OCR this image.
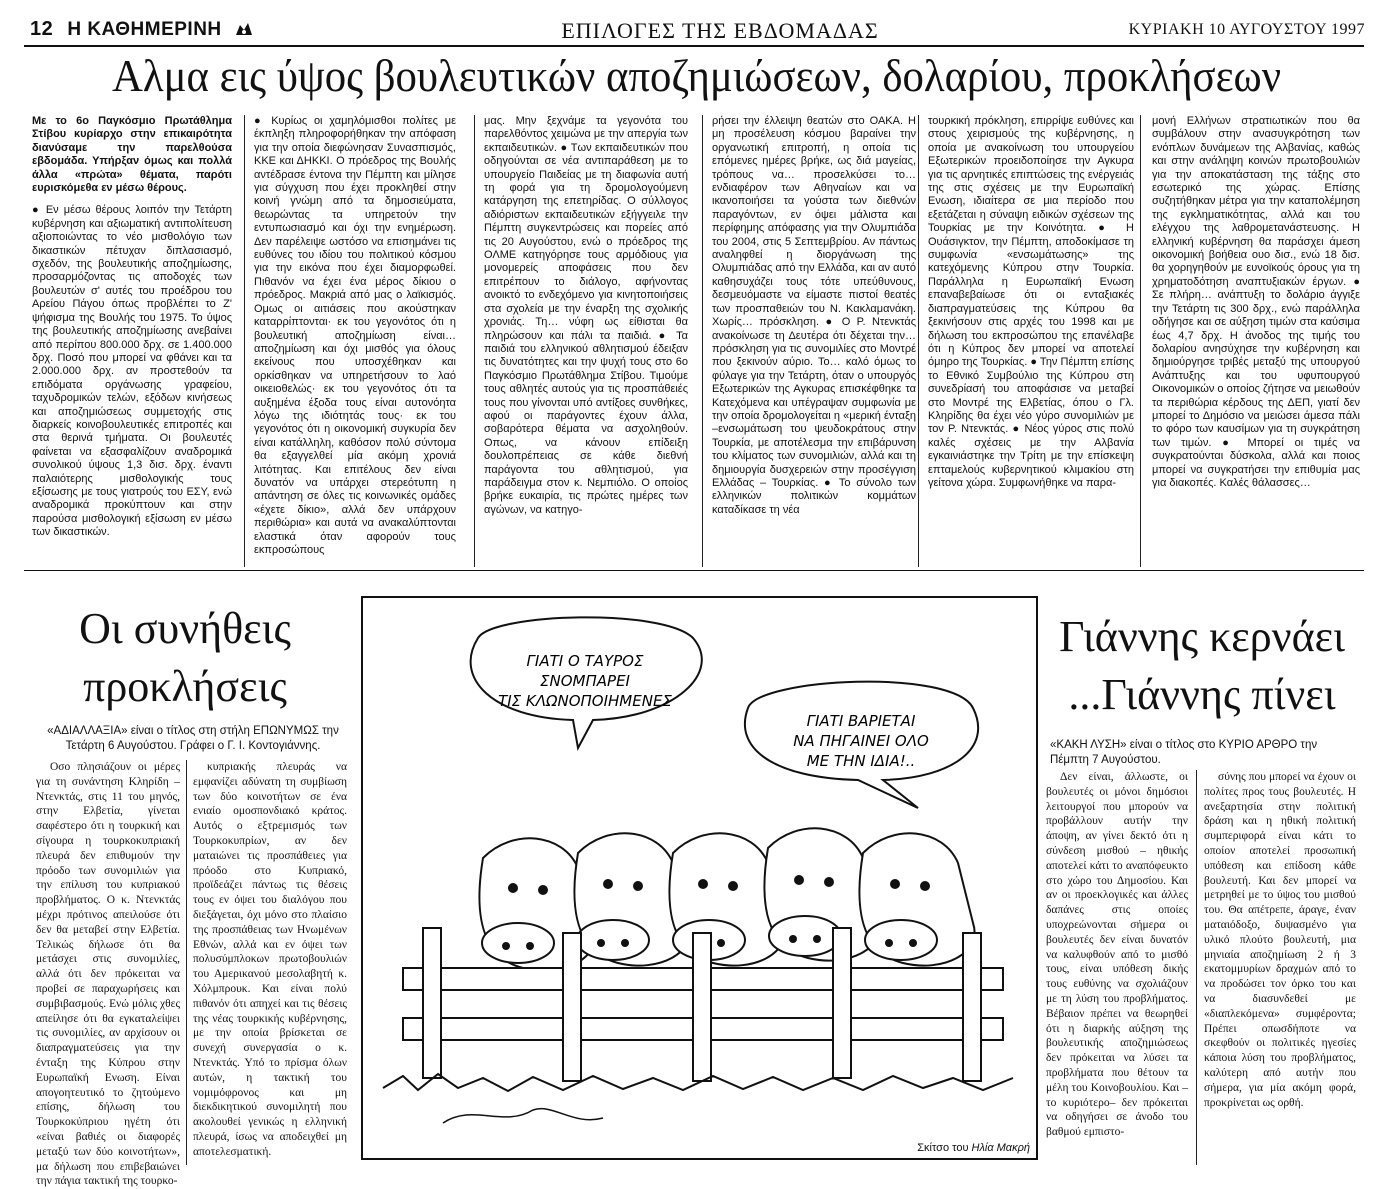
12 Η ΚΑΘΗΜΕΡΙΝΗ	ΕΠΙΛΟΓΕΣ ΤΗΣ ΕΒΔΟΜΑΔΑΣ	ΚΥΡΙΑΚΗ 10 ΑΥΓΟΥΣΤΟΥ 1997
Αλμα εις ύψος βουλευτικών αποζημιώσεων, δολαρίου, προκλήσεων

Με το 6ο Παγκόσμιο Πρωτάθλημα Στίβου κυρίαρχο στην επικαιρότητα διανύσαμε την παρελθούσα εβδομάδα. Υπήρξαν όμως και πολλά άλλα «πρώτα» θέματα, παρότι ευρισκόμεθα εν μέσω θέρους.

● Εν μέσω θέρους λοιπόν την Τετάρτη κυβέρνηση και αξιωματική αντιπολίτευση αξιοποιώντας το νέο μισθολόγιο των δικαστικών πέτυχαν διπλασιασμό, σχεδόν, της βουλευτικής αποζημίωσης, προσαρμόζοντας τις αποδοχές των βουλευτών σ' αυτές του προέδρου του Αρείου Πάγου όπως προβλέπει το Ζ' ψήφισμα της Βουλής του 1975. Το ύψος της βουλευτικής αποζημίωσης ανεβαίνει από περίπου 800.000 δρχ. σε 1.400.000 δρχ. Ποσό που μπορεί να φθάνει και τα 2.000.000 δρχ. αν προστεθούν τα επιδόματα οργάνωσης γραφείου, ταχυδρομικών τελών, εξόδων κινήσεως και αποζημιώσεως συμμετοχής στις διαρκείς κοινοβουλευτικές επιτροπές και στα θερινά τμήματα. Οι βουλευτές φαίνεται να εξασφαλίζουν αναδρομικά συνολικού ύψους 1,3 δισ. δρχ. έναντι παλαιότερης μισθολογικής τους εξίσωσης με τους γιατρούς του ΕΣΥ, ενώ αναδρομικά προκύπτουν και στην παρούσα μισθολογική εξίσωση εν μέσω των δικαστικών.

● Κυρίως οι χαμηλόμισθοι πολίτες με έκπληξη πληροφορήθηκαν την απόφαση για την οποία διεφώνησαν Συνασπισμός, ΚΚΕ και ΔΗΚΚΙ. Ο πρόεδρος της Βουλής αντέδρασε έντονα την Πέμπτη και μίλησε για σύγχυση που έχει προκληθεί στην κοινή γνώμη από τα δημοσιεύματα, θεωρώντας τα υπηρετούν την εντυπωσιασμό και όχι την ενημέρωση. Δεν παρέλειψε ωστόσο να επισημάνει τις ευθύνες του ιδίου του πολιτικού κόσμου για την εικόνα που έχει διαμορφωθεί. Πιθανόν να έχει ένα μέρος δίκιου ο πρόεδρος. Μακριά από μας ο λαϊκισμός. Ομως οι αιτιάσεις που ακούστηκαν καταρρίπτονται· εκ του γεγονότος ότι η βουλευτική αποζημίωση είναι… αποζημίωση και όχι μισθός για όλους εκείνους που υποσχέθηκαν και ορκίσθηκαν να υπηρετήσουν το λαό οικειοθελώς· εκ του γεγονότος ότι τα αυξημένα έξοδα τους είναι αυτονόητα λόγω της ιδιότητάς τους· εκ του γεγονότος ότι η οικονομική συγκυρία δεν είναι κατάλληλη, καθόσον πολύ σύντομα θα εξαγγελθεί μία ακόμη χρονιά λιτότητας. Και επιτέλους δεν είναι δυνατόν να υπάρχει στερεότυπη η απάντηση σε όλες τις κοινωνικές ομάδες «έχετε δίκιο», αλλά δεν υπάρχουν περιθώρια» και αυτά να ανακαλύπτονται ελαστικά όταν αφορούν τους εκπροσώπους

μας. Μην ξεχνάμε τα γεγονότα του παρελθόντος χειμώνα με την απεργία των εκπαιδευτικών. ● Των εκπαιδευτικών που οδηγούνται σε νέα αντιπαράθεση με το υπουργείο Παιδείας με τη διαφωνία αυτή τη φορά για τη δρομολογούμενη κατάργηση της επετηρίδας. Ο σύλλογος αδιόριστων εκπαιδευτικών εξήγγειλε την Πέμπτη συγκεντρώσεις και πορείες από τις 20 Αυγούστου, ενώ ο πρόεδρος της ΟΛΜΕ κατηγόρησε τους αρμόδιους για μονομερείς αποφάσεις που δεν επιτρέπουν το διάλογο, αφήνοντας ανοικτό το ενδεχόμενο για κινητοποιήσεις στα σχολεία με την έναρξη της σχολικής χρονιάς. Τη… νύφη ως είθισται θα πληρώσουν και πάλι τα παιδιά. ● Τα παιδιά του ελληνικού αθλητισμού έδειξαν τις δυνατότητες και την ψυχή τους στο 6ο Παγκόσμιο Πρωτάθλημα Στίβου. Τιμούμε τους αθλητές αυτούς για τις προσπάθειές τους που γίνονται υπό αντίξοες συνθήκες, αφού οι παράγοντες έχουν άλλα, σοβαρότερα θέματα να ασχοληθούν. Οπως, να κάνουν επίδειξη δουλοπρέπειας σε κάθε διεθνή παράγοντα του αθλητισμού, για παράδειγμα στον κ. Νεμπιόλο. Ο οποίος βρήκε ευκαιρία, τις πρώτες ημέρες των αγώνων, να κατηγο-

ρήσει την έλλειψη θεατών στο ΟΑΚΑ. Η μη προσέλευση κόσμου βαραίνει την οργανωτική επιτροπή, η οποία τις επόμενες ημέρες βρήκε, ως διά μαγείας, τρόπους να… προσελκύσει το… ενδιαφέρον των Αθηναίων και να ικανοποιήσει τα γούστα των διεθνών παραγόντων, εν όψει μάλιστα και περίφημης απόφασης για την Ολυμπιάδα του 2004, στις 5 Σεπτεμβρίου. Αν πάντως αναληφθεί η διοργάνωση της Ολυμπιάδας από την Ελλάδα, και αν αυτό καθησυχάζει τους τότε υπεύθυνους, δεσμευόμαστε να είμαστε πιστοί θεατές των προσπαθειών του Ν. Κακλαμανάκη. Χωρίς… πρόσκληση. ● Ο Ρ. Ντενκτάς ανακοίνωσε τη Δευτέρα ότι δέχεται την… πρόσκληση για τις συνομιλίες στο Μοντρέ που ξεκινούν αύριο. Το… καλό όμως το φύλαγε για την Τετάρτη, όταν ο υπουργός Εξωτερικών της Αγκυρας επισκέφθηκε τα Κατεχόμενα και υπέγραψαν συμφωνία με την οποία δρομολογείται η «μερική ένταξη –ενσωμάτωση του ψευδοκράτους στην Τουρκία, με αποτέλεσμα την επιβάρυνση του κλίματος των συνομιλιών, αλλά και τη δημιουργία δυσχερειών στην προσέγγιση Ελλάδας – Τουρκίας. ● Το σύνολο των ελληνικών πολιτικών κομμάτων καταδίκασε τη νέα

τουρκική πρόκληση, επιρρίψε ευθύνες και στους χειρισμούς της κυβέρνησης, η οποία με ανακοίνωση του υπουργείου Εξωτερικών προειδοποίησε την Αγκυρα για τις αρνητικές επιπτώσεις της ενέργειάς της στις σχέσεις με την Ευρωπαϊκή Ενωση, ιδιαίτερα σε μια περίοδο που εξετάζεται η σύναψη ειδικών σχέσεων της Τουρκίας με την Κοινότητα. ● Η Ουάσιγκτον, την Πέμπτη, αποδοκίμασε τη συμφωνία «ενσωμάτωσης» της κατεχόμενης Κύπρου στην Τουρκία. Παράλληλα η Ευρωπαϊκή Ενωση επαναβεβαίωσε ότι οι ενταξιακές διαπραγματεύσεις της Κύπρου θα ξεκινήσουν στις αρχές του 1998 και με δήλωση του εκπροσώπου της επανέλαβε ότι η Κύπρος δεν μπορεί να αποτελεί όμηρο της Τουρκίας. ● Την Πέμπτη επίσης το Εθνικό Συμβούλιο της Κύπρου στη συνεδρίασή του αποφάσισε να μεταβεί στο Μοντρέ της Ελβετίας, όπου ο Γλ. Κληρίδης θα έχει νέο γύρο συνομιλιών με τον Ρ. Ντενκτάς. ● Νέος γύρος στις πολύ καλές σχέσεις με την Αλβανία εγκαινιάστηκε την Τρίτη με την επίσκεψη επταμελούς κυβερνητικού κλιμακίου στη γείτονα χώρα. Συμφωνήθηκε να παρα-

μονή Ελλήνων στρατιωτικών που θα συμβάλουν στην ανασυγκρότηση των ενόπλων δυνάμεων της Αλβανίας, καθώς και στην ανάληψη κοινών πρωτοβουλιών για την αποκατάσταση της τάξης στο εσωτερικό της χώρας. Επίσης συζητήθηκαν μέτρα για την καταπολέμηση της εγκληματικότητας, αλλά και του ελέγχου της λαθρομετανάστευσης. Η ελληνική κυβέρνηση θα παράσχει άμεση οικονομική βοήθεια ουο δισ., ενώ 18 δισ. θα χορηγηθούν με ευνοϊκούς όρους για τη χρηματοδότηση αναπτυξιακών έργων. ● Σε πλήρη… ανάπτυξη το δολάριο άγγιξε την Τετάρτη τις 300 δρχ., ενώ παράλληλα οδήγησε και σε αύξηση τιμών στα καύσιμα έως 4,7 δρχ. Η άνοδος της τιμής του δολαρίου ανησύχησε την κυβέρνηση και δημιούργησε τριβές μεταξύ της υπουργού Ανάπτυξης και του υφυπουργού Οικονομικών ο οποίος ζήτησε να μειωθούν τα περιθώρια κέρδους της ΔΕΠ, γιατί δεν μπορεί το Δημόσιο να μειώσει άμεσα πάλι το φόρο των καυσίμων για τη συγκράτηση των τιμών. ● Μπορεί οι τιμές να συγκρατούνται δύσκολα, αλλά και ποιος μπορεί να συγκρατήσει την επιθυμία μας για διακοπές. Καλές θάλασσες…

Οι συνήθεις
προκλήσεις
«ΑΔΙΑΛΛΑΞΙΑ» είναι ο τίτλος στη στήλη ΕΠΩΝΥΜΩΣ την Τετάρτη 6 Αυγούστου. Γράφει ο Γ. Ι. Κοντογιάννης.

Οσο πλησιάζουν οι μέρες για τη συνάντηση Κληρίδη – Ντενκτάς, στις 11 του μηνός, στην Ελβετία, γίνεται σαφέστερο ότι η τουρκική και σίγουρα η τουρκοκυπριακή πλευρά δεν επιθυμούν την πρόοδο των συνομιλιών για την επίλυση του κυπριακού προβλήματος. Ο κ. Ντενκτάς μέχρι πρότινος απειλούσε ότι δεν θα μεταβεί στην Ελβετία. Τελικώς δήλωσε ότι θα μετάσχει στις συνομιλίες, αλλά ότι δεν πρόκειται να προβεί σε παραχωρήσεις και συμβιβασμούς. Ενώ μόλις χθες απείλησε ότι θα εγκαταλείψει τις συνομιλίες, αν αρχίσουν οι διαπραγματεύσεις για την ένταξη της Κύπρου στην Ευρωπαϊκή Ενωση. Είναι απογοητευτικό το ζητούμενο επίσης, δήλωση του Τουρκοκύπριου ηγέτη ότι «είναι βαθιές οι διαφορές μεταξύ των δύο κοινοτήτων», μα δήλωση που επιβεβαιώνει την πάγια τακτική της τουρκο-

κυπριακής πλευράς να εμφανίζει αδύνατη τη συμβίωση των δύο κοινοτήτων σε ένα ενιαίο ομοσπονδιακό κράτος. Αυτός ο εξτρεμισμός των Τουρκοκυπρίων, αν δεν ματαιώνει τις προσπάθειες για πρόοδο στο Κυπριακό, προϊδεάζει πάντως τις θέσεις τους εν όψει του διαλόγου που διεξάγεται, όχι μόνο στο πλαίσιο της προσπάθειας των Ηνωμένων Εθνών, αλλά και εν όψει των πολυσύμπλοκων πρωτοβουλιών του Αμερικανού μεσολαβητή κ. Χόλμπρουκ. Και είναι πολύ πιθανόν ότι απηχεί και τις θέσεις της νέας τουρκικής κυβέρνησης, με την οποία βρίσκεται σε συνεχή συνεργασία ο κ. Ντενκτάς. Υπό το πρίσμα όλων αυτών, η τακτική του νομιμόφρονος και μη διεκδικητικού συνομιλητή που ακολουθεί γενικώς η ελληνική πλευρά, ίσως να αποδειχθεί μη αποτελεσματική.

ΓΙΑΤΙ Ο ΤΑΥΡΟΣ
ΣΝΟΜΠΑΡΕΙ
ΤΙΣ ΚΛΩΝΟΠΟΙΗΜΕΝΕΣ
ΓΙΑΤΙ ΒΑΡΙΕΤΑΙ
ΝΑ ΠΗΓΑΙΝΕΙ ΟΛΟ
ΜΕ ΤΗΝ ΙΔΙΑ!..
Σκίτσο του Ηλία Μακρή
Γιάννης κερνάει
...Γιάννης πίνει
«ΚΑΚΗ ΛΥΣΗ» είναι ο τίτλος στο ΚΥΡΙΟ ΑΡΘΡΟ την Πέμπτη 7 Αυγούστου.

Δεν είναι, άλλωστε, οι βουλευτές οι μόνοι δημόσιοι λειτουργοί που μπορούν να προβάλλουν αυτήν την άποψη, αν γίνει δεκτό ότι η σύνδεση μισθού – ηθικής αποτελεί κάτι το αναπόφευκτο στο χώρο του Δημοσίου. Και αν οι προεκλογικές και άλλες δαπάνες στις οποίες υποχρεώνονται σήμερα οι βουλευτές δεν είναι δυνατόν να καλυφθούν από το μισθό τους, είναι υπόθεση δικής τους ευθύνης να σχολιάζουν με τη λύση του προβλήματος. Βέβαιον πρέπει να θεωρηθεί ότι η διαρκής αύξηση της βουλευτικής αποζημιώσεως δεν πρόκειται να λύσει τα προβλήματα που θέτουν τα μέλη του Κοινοβουλίου. Και –το κυριότερο– δεν πρόκειται να οδηγήσει σε άνοδο του βαθμού εμπιστο-

σύνης που μπορεί να έχουν οι πολίτες προς τους βουλευτές. Η ανεξαρτησία στην πολιτική δράση και η ηθική πολιτική συμπεριφορά είναι κάτι το οποίον αποτελεί προσωπική υπόθεση και επίδοση κάθε βουλευτή. Και δεν μπορεί να μετρηθεί με το ύψος του μισθού του. Θα απέτρεπε, άραγε, έναν ματαιόδοξο, δυψασμένο για υλικό πλούτο βουλευτή, μια μηνιαία αποζημίωση 2 ή 3 εκατομμυρίων δραχμών από το να προδώσει τον όρκο του και να διασυνδεθεί με «διαπλεκόμενα» συμφέροντα; Πρέπει οπωσδήποτε να σκεφθούν οι πολιτικές ηγεσίες κάποια λύση του προβλήματος, καλύτερη από αυτήν που σήμερα, για μία ακόμη φορά, προκρίνεται ως ορθή.
